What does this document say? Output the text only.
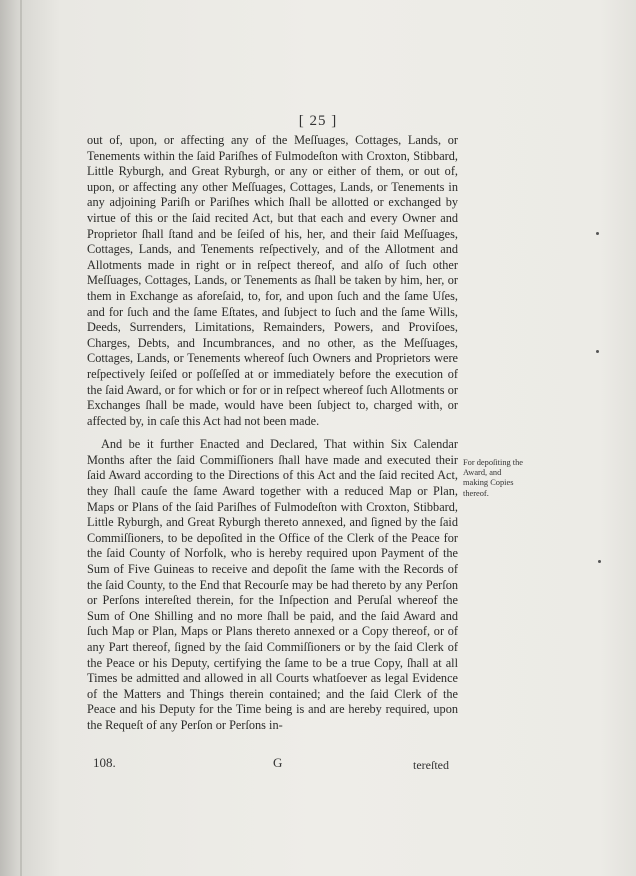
[ 25 ]

out of, upon, or affecting any of the Meſſuages, Cottages, Lands, or Tenements within the ſaid Pariſhes of Fulmodeſton with Croxton, Stibbard, Little Ryburgh, and Great Ryburgh, or any or either of them, or out of, upon, or affecting any other Meſſuages, Cottages, Lands, or Tenements in any adjoining Pariſh or Pariſhes which ſhall be allotted or exchanged by virtue of this or the ſaid recited Act, but that each and every Owner and Proprietor ſhall ſtand and be ſeiſed of his, her, and their ſaid Meſſuages, Cottages, Lands, and Tenements reſpectively, and of the Allotment and Allotments made in right or in reſpect thereof, and alſo of ſuch other Meſſuages, Cottages, Lands, or Tenements as ſhall be taken by him, her, or them in Exchange as aforeſaid, to, for, and upon ſuch and the ſame Uſes, and for ſuch and the ſame Eſtates, and ſubject to ſuch and the ſame Wills, Deeds, Surrenders, Limitations, Remainders, Powers, and Proviſoes, Charges, Debts, and Incumbrances, and no other, as the Meſſuages, Cottages, Lands, or Tenements whereof ſuch Owners and Proprietors were reſpectively ſeiſed or poſſeſſed at or immediately before the execution of the ſaid Award, or for which or for or in reſpect whereof ſuch Allotments or Exchanges ſhall be made, would have been ſubject to, charged with, or affected by, in caſe this Act had not been made.

And be it further Enacted and Declared, That within Six Calendar Months after the ſaid Commiſſioners ſhall have made and executed their ſaid Award according to the Directions of this Act and the ſaid recited Act, they ſhall cauſe the ſame Award together with a reduced Map or Plan, Maps or Plans of the ſaid Pariſhes of Fulmodeſton with Croxton, Stibbard, Little Ryburgh, and Great Ryburgh thereto annexed, and ſigned by the ſaid Commiſſioners, to be depoſited in the Office of the Clerk of the Peace for the ſaid County of Norfolk, who is hereby required upon Payment of the Sum of Five Guineas to receive and depoſit the ſame with the Records of the ſaid County, to the End that Recourſe may be had thereto by any Perſon or Perſons intereſted therein, for the Inſpection and Peruſal whereof the Sum of One Shilling and no more ſhall be paid, and the ſaid Award and ſuch Map or Plan, Maps or Plans thereto annexed or a Copy thereof, or of any Part thereof, ſigned by the ſaid Commiſſioners or by the ſaid Clerk of the Peace or his Deputy, certifying the ſame to be a true Copy, ſhall at all Times be admitted and allowed in all Courts whatſoever as legal Evidence of the Matters and Things therein contained; and the ſaid Clerk of the Peace and his Deputy for the Time being is and are hereby required, upon the Requeſt of any Perſon or Perſons in-

For depoſiting the Award, and making Copies thereof.
108.	G	tereſted
